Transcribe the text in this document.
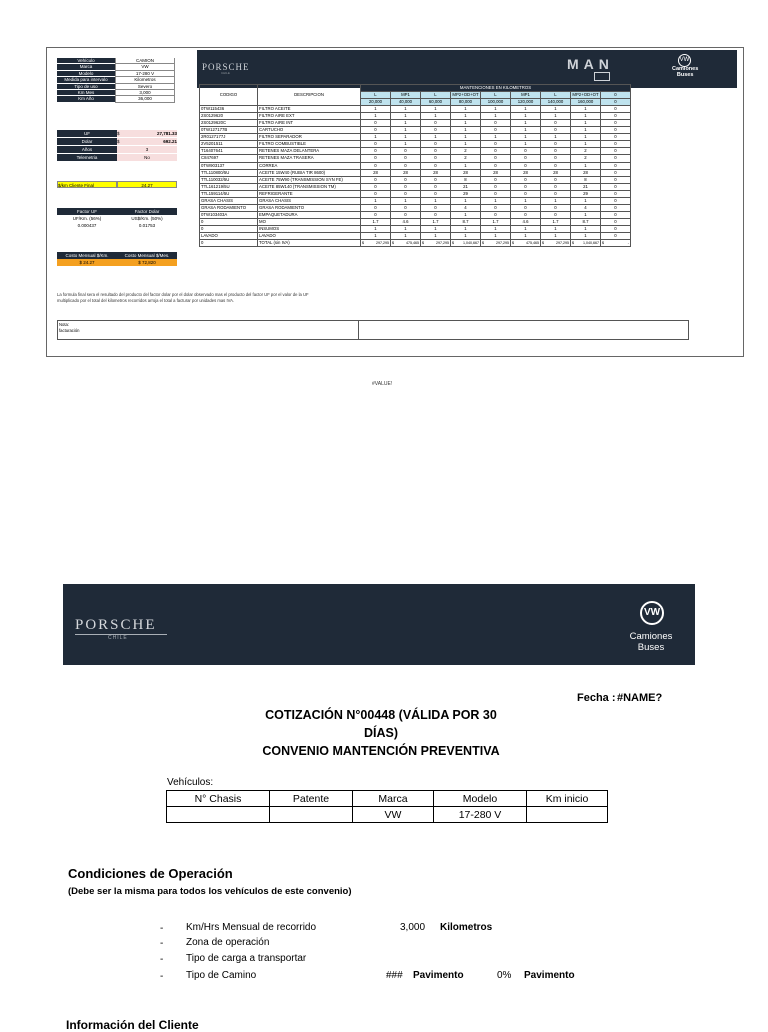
Vehículo	CAMION
Marca	VW
Modelo	17-280 V
Medida para intervalo	Kilometros
Tipo de uso	Severo
Km Mes	3,000
Km Año	36,000
UF	$	27,781.33
Dolar	$	692.21
Años	3
Telemetria	No
$/km Cliente Final	24.27
Factor UF	Factor Dolar
UF/Km. (56%)	US$/Km. (50%)
0.000437	0.01753
Costo Mensual $/Km.	Costo Mensual $/Mes.
$ 24.27	$ 72,820
PORSCHE
CHILE
MAN	VW
Camiones
Buses
CODIGO	DESCRIPCION	MANTENCIONES EN KILOMETROS								
		L	MP1	L	MP2+OD+OT	L	MP1	L	MP2+OD+OT	0
		20,000	40,000	60,000	80,000	100,000	120,000	140,000	160,000	0
0TW115436	FILTRO ACEITE	1	1	1	1	1	1	1	1	0
2S0129620	FILTRO AIRE EXT	1	1	1	1	1	1	1	1	0
2S0129620C	FILTRO AIRE INT	0	1	0	1	0	1	0	1	0
0TW127177B	CARTUCHO	0	1	0	1	0	1	0	1	0
2R0127177J	FILTRO SEPARADOR	1	1	1	1	1	1	1	1	0
2V5201511	FILTRO COMBUSTIBLE	0	1	0	1	0	1	0	1	0
T16407641	RETENES MAZA DELANTERA	0	0	0	2	0	0	0	2	0
C847697	RETENES MAZA TRASERA	0	0	0	2	0	0	0	2	0
0TW903137	CORREA	0	0	0	1	0	0	0	1	0
TTL110800/5U	ACEITE 15W40 (RUBIA TIR 8600)	28	28	28	28	28	28	28	28	0
TTL110032/5U	ACEITE 75W90 (TRANSMISSION SYN FE)	0	0	0	8	0	0	0	8	0
TTL161219/5U	ACEITE 85W140 (TRANSMISSION TM)	0	0	0	21	0	0	0	21	0
TTL159114/5U	REFRIGERANTE	0	0	0	29	0	0	0	29	0
GRASA CHASIS	GRASA CHASIS	1	1	1	1	1	1	1	1	0
GRASA RODAMIENTO	GRASA RODAMIENTO	0	0	0	4	0	0	0	4	0
0TW103403A	EMPAQUETADURA	0	0	0	1	0	0	0	1	0
0	MO	1.7	4.6	1.7	8.7	1.7	4.6	1.7	8.7	0
0	INSUMOS	1	1	1	1	1	1	1	1	0
LAVADO	LAVADO	1	1	1	1	1	1	1	1	0
0	TOTAL (sin IVA)	$ 297,295	$ 475,465	$ 297,295	$ 1,040,667	$ 297,295	$ 475,465	$ 297,295	$ 1,040,667	$ -
La formula final sera el resultado del producto del factor dolar por el dolar observado mas el producto del factor UF por el valor de la UF multiplicado por el total del kilometros recorridos arroja el total a facturar por unidades mas IVA.
Nota:
facturación
#VALUE!
PORSCHE
CHILE
VW
Camiones
Buses
Fecha : #NAME?
COTIZACIÓN N°00448 (VÁLIDA POR 30 DÍAS)
CONVENIO MANTENCIÓN PREVENTIVA
Vehículos:
N° Chasis	Patente	Marca	Modelo	Km inicio
		VW	17-280 V	
Condiciones de Operación
(Debe ser la misma para todos los vehículos de este convenio)
- Km/Hrs Mensual de recorrido	3,000 Kilometros
- Zona de operación
- Tipo de carga a transportar
- Tipo de Camino	### Pavimento	0% Pavimento
Información del Cliente
